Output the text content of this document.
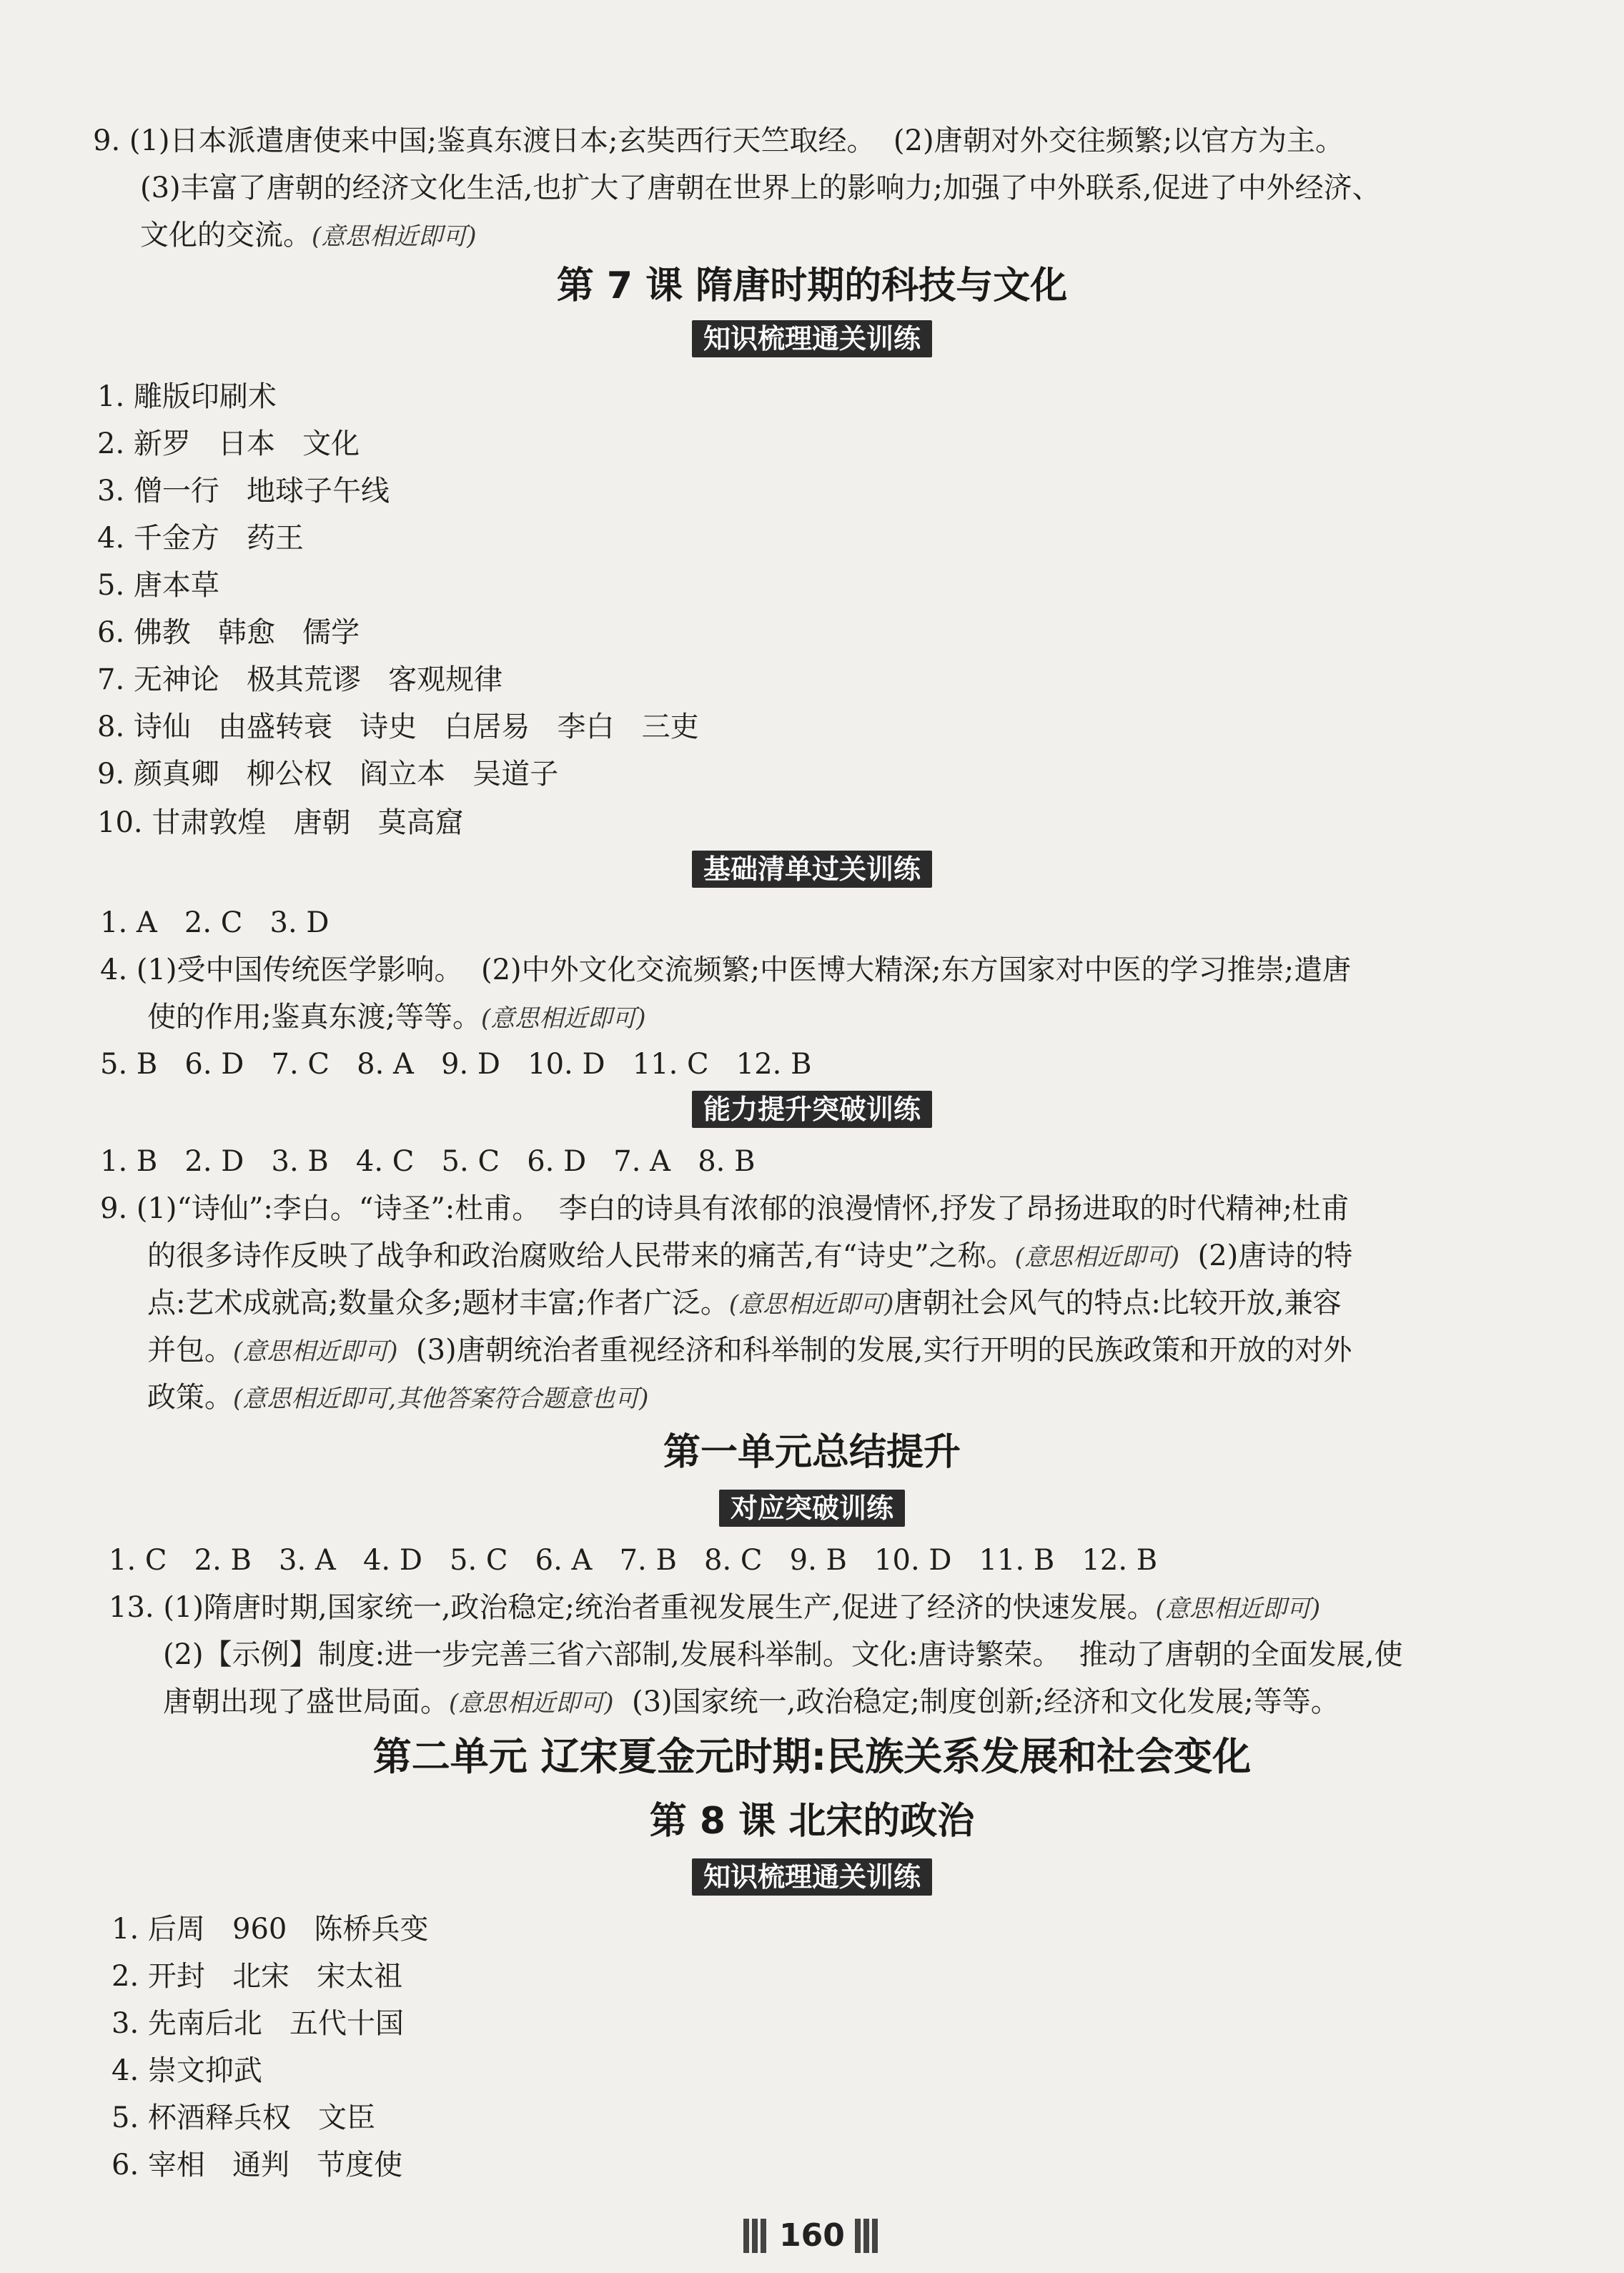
9. (1)日本派遣唐使来中国;鉴真东渡日本;玄奘西行天竺取经。  (2)唐朝对外交往频繁;以官方为主。
(3)丰富了唐朝的经济文化生活,也扩大了唐朝在世界上的影响力;加强了中外联系,促进了中外经济、
文化的交流。(意思相近即可)
第 7 课 隋唐时期的科技与文化
知识梳理通关训练
1. 雕版印刷术
2. 新罗   日本   文化
3. 僧一行   地球子午线
4. 千金方   药王
5. 唐本草
6. 佛教   韩愈   儒学
7. 无神论   极其荒谬   客观规律
8. 诗仙   由盛转衰   诗史   白居易   李白   三吏
9. 颜真卿   柳公权   阎立本   吴道子
10. 甘肃敦煌   唐朝   莫高窟
基础清单过关训练
1. A   2. C   3. D
4. (1)受中国传统医学影响。  (2)中外文化交流频繁;中医博大精深;东方国家对中医的学习推崇;遣唐
使的作用;鉴真东渡;等等。(意思相近即可)
5. B   6. D   7. C   8. A   9. D   10. D   11. C   12. B
能力提升突破训练
1. B   2. D   3. B   4. C   5. C   6. D   7. A   8. B
9. (1)“诗仙”:李白。“诗圣”:杜甫。  李白的诗具有浓郁的浪漫情怀,抒发了昂扬进取的时代精神;杜甫
的很多诗作反映了战争和政治腐败给人民带来的痛苦,有“诗史”之称。(意思相近即可)  (2)唐诗的特
点:艺术成就高;数量众多;题材丰富;作者广泛。(意思相近即可)唐朝社会风气的特点:比较开放,兼容
并包。(意思相近即可)  (3)唐朝统治者重视经济和科举制的发展,实行开明的民族政策和开放的对外
政策。(意思相近即可,其他答案符合题意也可)
第一单元总结提升
对应突破训练
1. C   2. B   3. A   4. D   5. C   6. A   7. B   8. C   9. B   10. D   11. B   12. B
13. (1)隋唐时期,国家统一,政治稳定;统治者重视发展生产,促进了经济的快速发展。(意思相近即可)
(2)【示例】制度:进一步完善三省六部制,发展科举制。文化:唐诗繁荣。  推动了唐朝的全面发展,使
唐朝出现了盛世局面。(意思相近即可)  (3)国家统一,政治稳定;制度创新;经济和文化发展;等等。
第二单元 辽宋夏金元时期:民族关系发展和社会变化
第 8 课 北宋的政治
知识梳理通关训练
1. 后周   960   陈桥兵变
2. 开封   北宋   宋太祖
3. 先南后北   五代十国
4. 崇文抑武
5. 杯酒释兵权   文臣
6. 宰相   通判   节度使
160
